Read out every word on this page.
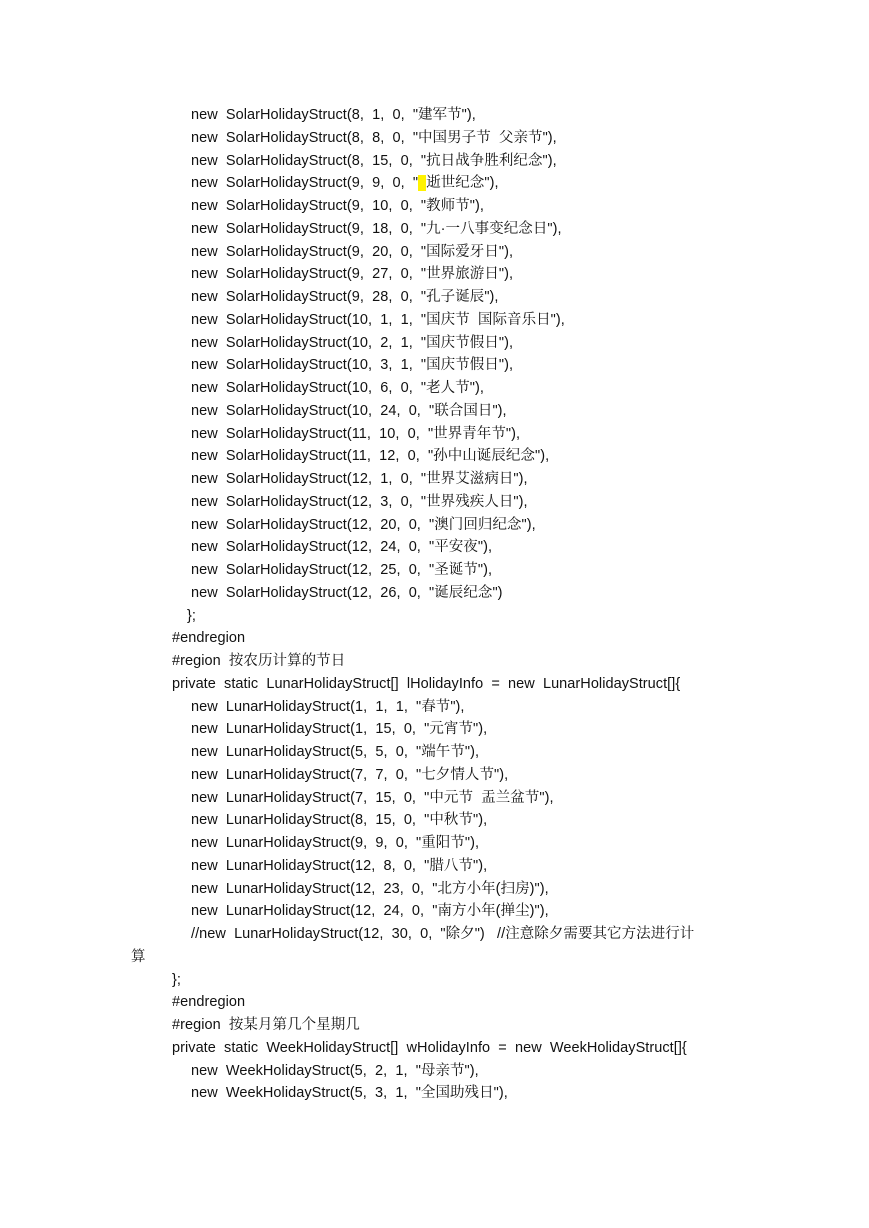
new  SolarHolidayStruct(8,  1,  0,  "建军节"),
new  SolarHolidayStruct(8,  8,  0,  "中国男子节  父亲节"),
new  SolarHolidayStruct(8,  15,  0,  "抗日战争胜利纪念"),
new  SolarHolidayStruct(9,  9,  0,  " 逝世纪念"),
new  SolarHolidayStruct(9,  10,  0,  "教师节"),
new  SolarHolidayStruct(9,  18,  0,  "九·一八事变纪念日"),
new  SolarHolidayStruct(9,  20,  0,  "国际爱牙日"),
new  SolarHolidayStruct(9,  27,  0,  "世界旅游日"),
new  SolarHolidayStruct(9,  28,  0,  "孔子诞辰"),
new  SolarHolidayStruct(10,  1,  1,  "国庆节  国际音乐日"),
new  SolarHolidayStruct(10,  2,  1,  "国庆节假日"),
new  SolarHolidayStruct(10,  3,  1,  "国庆节假日"),
new  SolarHolidayStruct(10,  6,  0,  "老人节"),
new  SolarHolidayStruct(10,  24,  0,  "联合国日"),
new  SolarHolidayStruct(11,  10,  0,  "世界青年节"),
new  SolarHolidayStruct(11,  12,  0,  "孙中山诞辰纪念"),
new  SolarHolidayStruct(12,  1,  0,  "世界艾滋病日"),
new  SolarHolidayStruct(12,  3,  0,  "世界残疾人日"),
new  SolarHolidayStruct(12,  20,  0,  "澳门回归纪念"),
new  SolarHolidayStruct(12,  24,  0,  "平安夜"),
new  SolarHolidayStruct(12,  25,  0,  "圣诞节"),
new  SolarHolidayStruct(12,  26,  0,  "诞辰纪念")
};
#endregion
#region  按农历计算的节日
private  static  LunarHolidayStruct[]  lHolidayInfo  =  new  LunarHolidayStruct[]{
new  LunarHolidayStruct(1,  1,  1,  "春节"),
new  LunarHolidayStruct(1,  15,  0,  "元宵节"),
new  LunarHolidayStruct(5,  5,  0,  "端午节"),
new  LunarHolidayStruct(7,  7,  0,  "七夕情人节"),
new  LunarHolidayStruct(7,  15,  0,  "中元节  盂兰盆节"),
new  LunarHolidayStruct(8,  15,  0,  "中秋节"),
new  LunarHolidayStruct(9,  9,  0,  "重阳节"),
new  LunarHolidayStruct(12,  8,  0,  "腊八节"),
new  LunarHolidayStruct(12,  23,  0,  "北方小年(扫房)"),
new  LunarHolidayStruct(12,  24,  0,  "南方小年(掸尘)"),
//new  LunarHolidayStruct(12,  30,  0,  "除夕")   //注意除夕需要其它方法进行计
算
};
#endregion
#region  按某月第几个星期几
private  static  WeekHolidayStruct[]  wHolidayInfo  =  new  WeekHolidayStruct[]{
new  WeekHolidayStruct(5,  2,  1,  "母亲节"),
new  WeekHolidayStruct(5,  3,  1,  "全国助残日"),
